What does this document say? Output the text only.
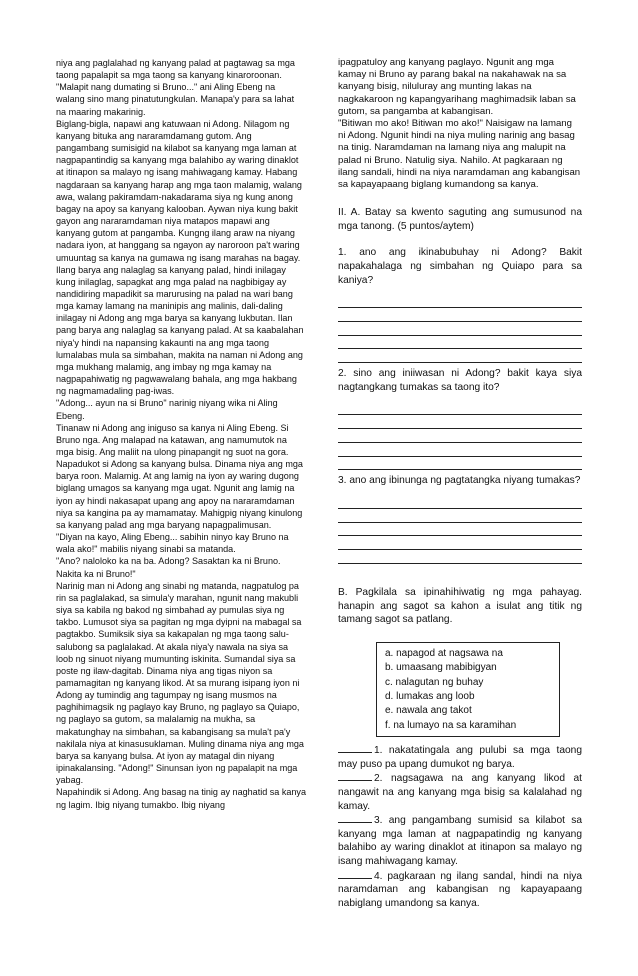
niya ang paglalahad ng kanyang palad at pagtawag sa mga taong papalapit sa mga taong sa kanyang kinaroroonan.

"Malapit nang dumating si Bruno..." ani Aling Ebeng na walang sino mang pinatutungkulan. Manapa'y para sa lahat na maaring makarinig.

Biglang-bigla, napawi ang katuwaan ni Adong. Nilagom ng kanyang bituka ang nararamdamang gutom. Ang pangambang sumisigid na kilabot sa kanyang mga laman at nagpapantindig sa kanyang mga balahibo ay waring dinaklot at itinapon sa malayo ng isang mahiwagang kamay. Habang nagdaraan sa kanyang harap ang mga taon malamig, walang awa, walang pakiramdam-nakadarama siya ng kung anong bagay na apoy sa kanyang kalooban. Aywan niya kung bakit gayon ang nararamdaman niya matapos mapawi ang kanyang gutom at pangamba. Kungng ilang araw na niyang nadara iyon, at hanggang sa ngayon ay naroroon pa't waring umuuntag sa kanya na gumawa ng isang marahas na bagay.

Ilang barya ang nalaglag sa kanyang palad, hindi inilagay kung inilaglag, sapagkat ang mga palad na nagbibigay ay nandidiring mapadikit sa marurusing na palad na wari bang mga kamay lamang na maninipis ang malinis, dali-daling inilagay ni Adong ang mga barya sa kanyang lukbutan. Ilan pang barya ang nalaglag sa kanyang palad. At sa kaabalahan niya'y hindi na napansing kakaunti na ang mga taong lumalabas mula sa simbahan, makita na naman ni Adong ang mga mukhang malamig, ang imbay ng mga kamay na nagpapahiwatig ng pagwawalang bahala, ang mga hakbang ng nagmamadaling pag-iwas.

"Adong... ayun na si Bruno" narinig niyang wika ni Aling Ebeng.

Tinanaw ni Adong ang iniguso sa kanya ni Aling Ebeng. Si Bruno nga. Ang malapad na katawan, ang namumutok na mga bisig. Ang maliit na ulong pinapangit ng suot na gora. Napadukot si Adong sa kanyang bulsa. Dinama niya ang mga barya roon. Malamig. At ang lamig na iyon ay waring dugong biglang umagos sa kanyang mga ugat. Ngunit ang lamig na iyon ay hindi nakasapat upang ang apoy na nararamdaman niya sa kangina pa ay mamamatay. Mahigpig niyang kinulong sa kanyang palad ang mga baryang napagpalimusan.

"Diyan na kayo, Aling Ebeng... sabihin ninyo kay Bruno na wala ako!" mabilis niyang sinabi sa matanda.

"Ano? naloloko ka na ba. Adong? Sasaktan ka ni Bruno. Nakita ka ni Bruno!"

Narinig man ni Adong ang sinabi ng matanda, nagpatulog pa rin sa paglalakad, sa simula'y marahan, ngunit nang makubli siya sa kabila ng bakod ng simbahad ay pumulas siya ng takbo. Lumusot siya sa pagitan ng mga dyipni na mabagal sa pagtakbo. Sumiksik siya sa kakapalan ng mga taong salu-salubong sa paglalakad. At akala niya'y nawala na siya sa loob ng sinuot niyang mumunting iskinita. Sumandal siya sa poste ng ilaw-dagitab. Dinama niya ang tigas niyon sa pamamagitan ng kanyang likod. At sa murang isipang iyon ni Adong ay tumindig ang tagumpay ng isang musmos na paghihimagsik ng paglayo kay Bruno, ng paglayo sa Quiapo, ng paglayo sa gutom, sa malalamig na mukha, sa makatunghay na simbahan, sa kabangisang sa mula't pa'y nakilala niya at kinasusuklaman. Muling dinama niya ang mga barya sa kanyang bulsa. At iyon ay matagal din niyang ipinakalansing. "Adong!" Sinunsan iyon ng papalapit na mga yabag.

Napahindik si Adong. Ang basag na tinig ay naghatid sa kanya ng lagim. Ibig niyang tumakbo. Ibig niyang

ipagpatuloy ang kanyang paglayo. Ngunit ang mga kamay ni Bruno ay parang bakal na nakahawak na sa kanyang bisig, niluluray ang munting lakas na nagkakaroon ng kapangyarihang maghimadsik laban sa gutom, sa pangamba at kabangisan.

"Bitiwan mo ako! Bitiwan mo ako!" Naisigaw na lamang ni Adong. Ngunit hindi na niya muling narinig ang basag na tinig. Naramdaman na lamang niya ang malupit na palad ni Bruno. Natulig siya. Nahilo. At pagkaraan ng ilang sandali, hindi na niya naramdaman ang kabangisan sa kapayapaang biglang kumandong sa kanya.

II. A. Batay sa kwento saguting ang sumusunod na mga tanong. (5 puntos/aytem)

1. ano ang ikinabubuhay ni Adong? Bakit napakahalaga ng simbahan ng Quiapo para sa kaniya?

2. sino ang iniiwasan ni Adong? bakit kaya siya nagtangkang tumakas sa taong ito?

3. ano ang ibinunga ng pagtatangka niyang tumakas?

B. Pagkilala sa ipinahihiwatig ng mga pahayag. hanapin ang sagot sa kahon a isulat ang titik ng tamang sagot sa patlang.

a. napagod at nagsawa na
b. umaasang mabibigyan
c. nalagutan ng buhay
d. lumakas ang loob
e. nawala ang takot
f. na lumayo na sa karamihan

1. nakatatingala ang pulubi sa mga taong may puso pa upang dumukot ng barya.

2. nagsagawa na ang kanyang likod at nangawit na ang kanyang mga bisig sa kalalahad ng kamay.

3. ang pangambang sumisid sa kilabot sa kanyang mga laman at nagpapatindig ng kanyang balahibo ay waring dinaklot at itinapon sa malayo ng isang mahiwagang kamay.

4. pagkaraan ng ilang sandal, hindi na niya naramdaman ang kabangisan ng kapayapaang nabiglang umandong sa kanya.
